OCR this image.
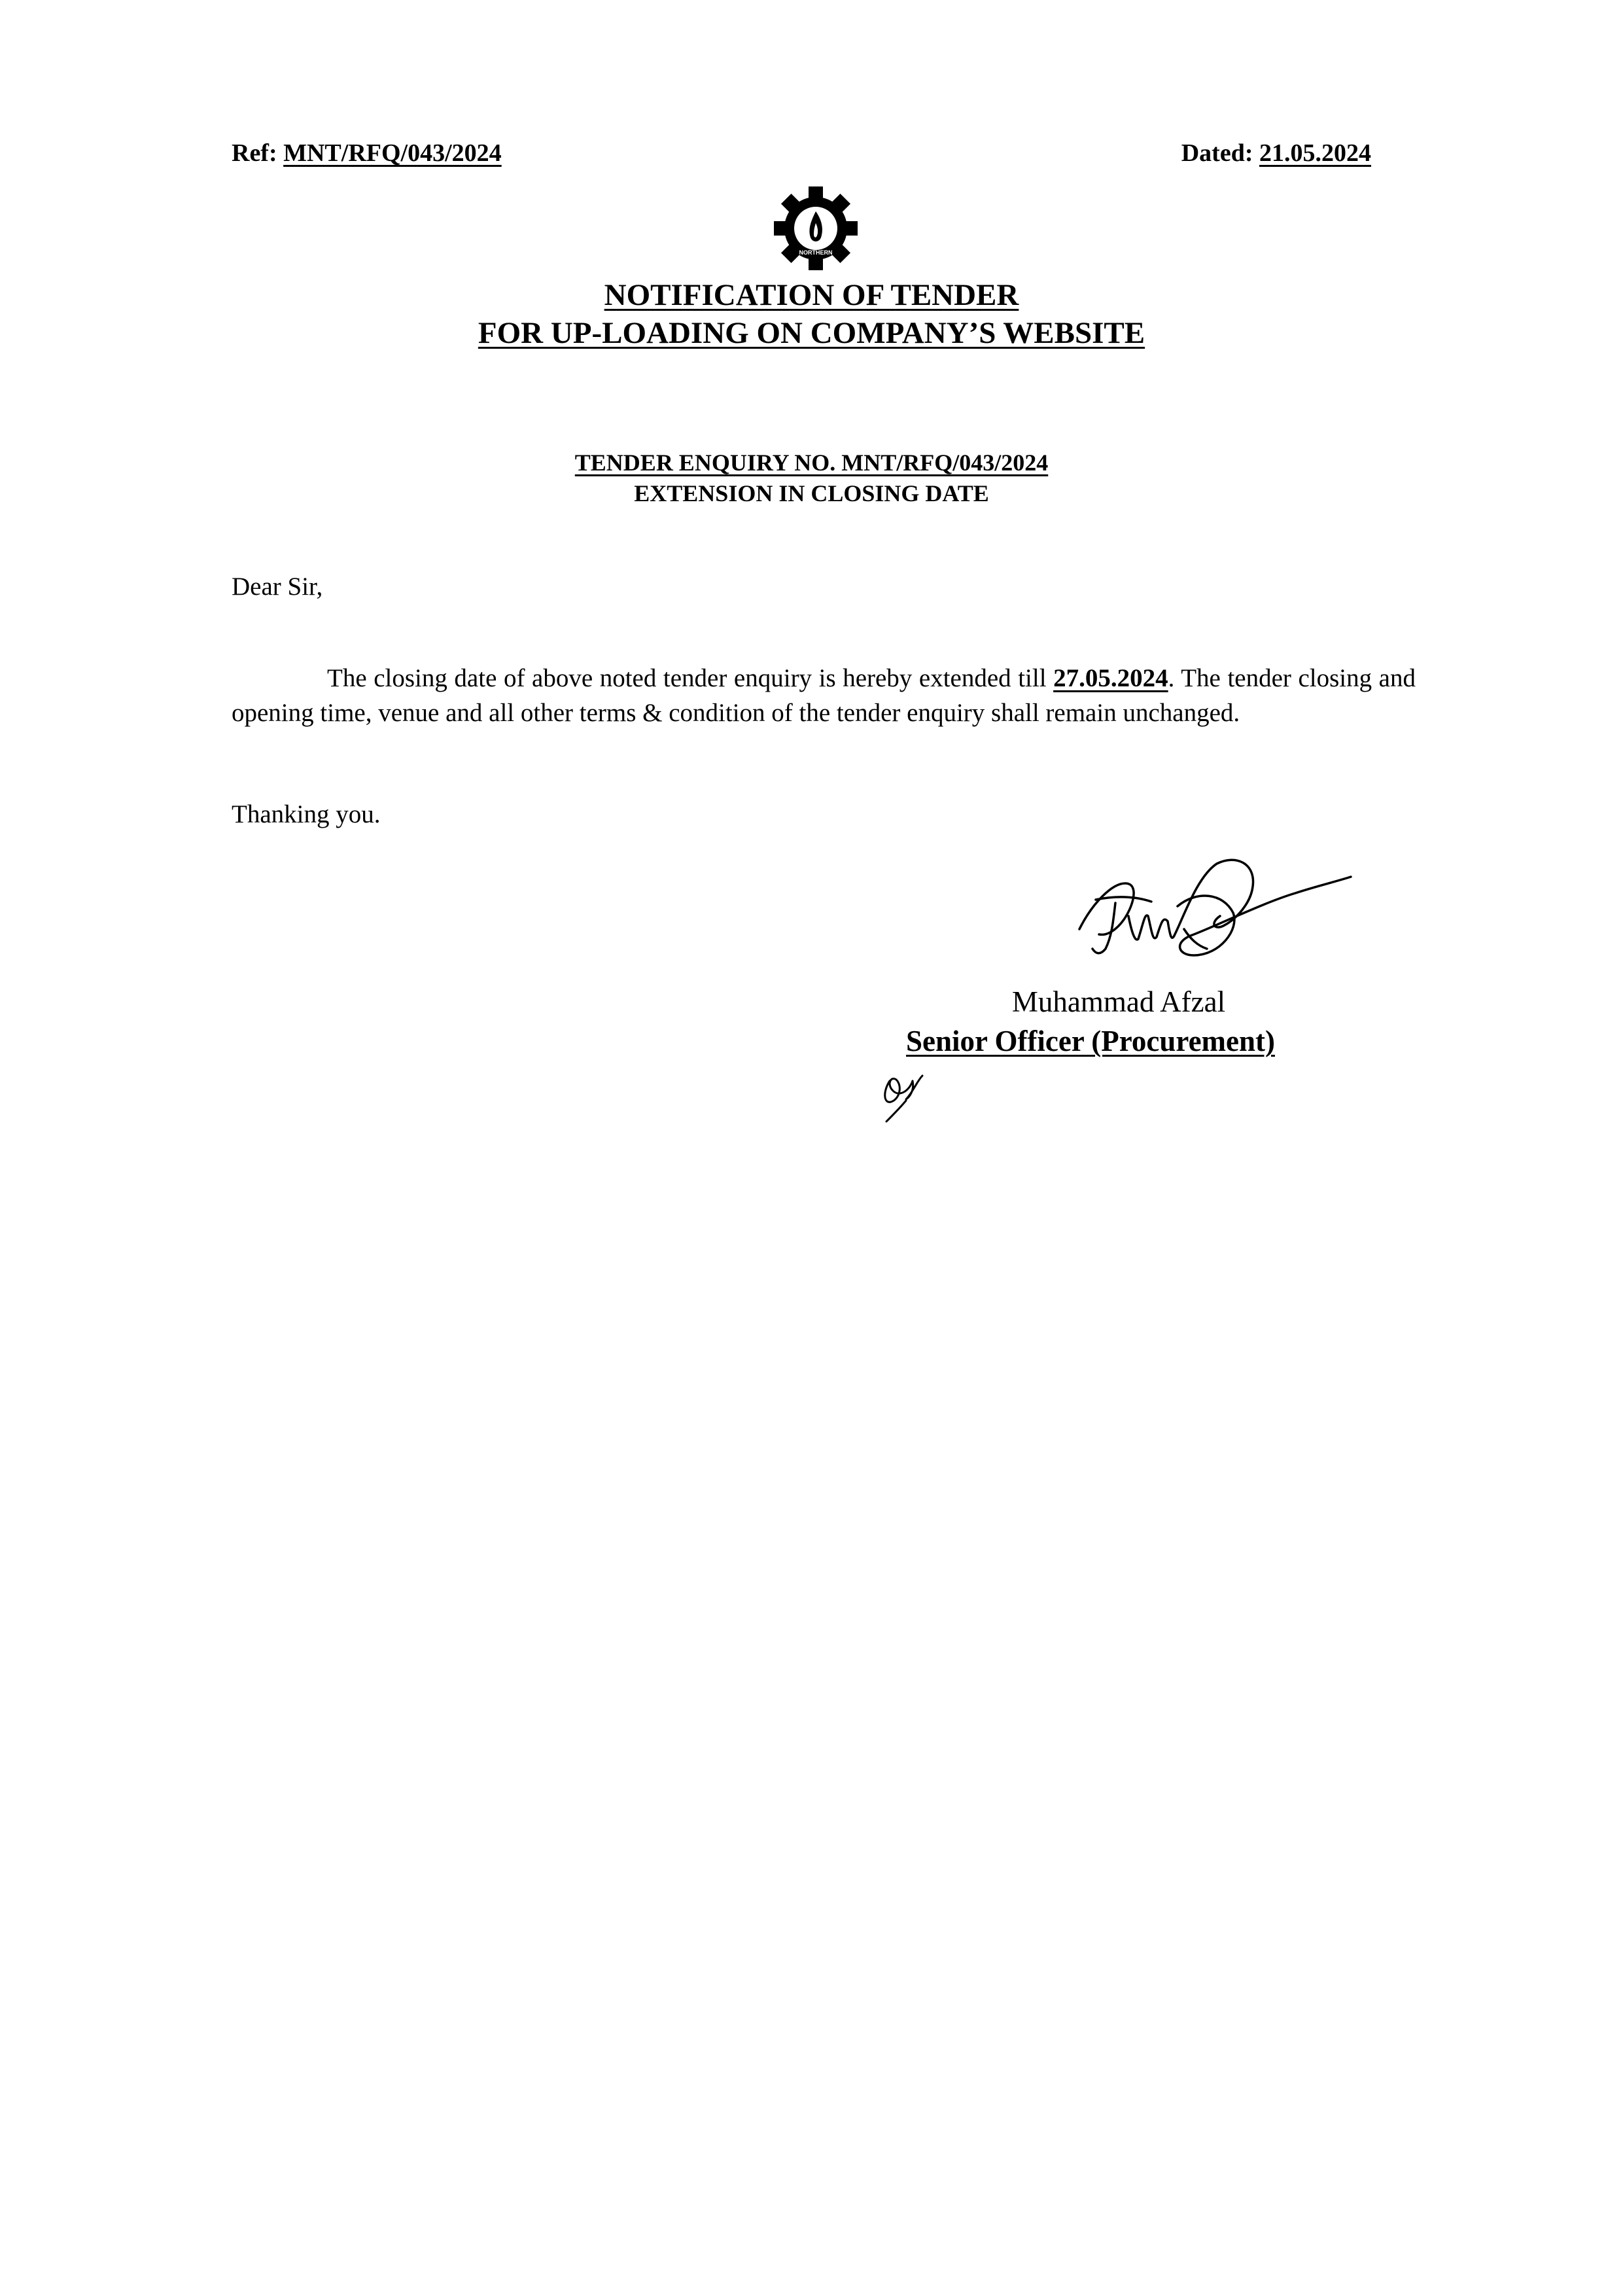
Ref: MNT/RFQ/043/2024	Dated: 21.05.2024
NORTHERN
NOTIFICATION OF TENDER
FOR UP-LOADING ON COMPANY’S WEBSITE
TENDER ENQUIRY NO. MNT/RFQ/043/2024
EXTENSION IN CLOSING DATE
Dear Sir,
The closing date of above noted tender enquiry is hereby extended till 27.05.2024. The tender closing and opening time, venue and all other terms & condition of the tender enquiry shall remain unchanged.
Thanking you.
Muhammad Afzal
Senior Officer (Procurement)
